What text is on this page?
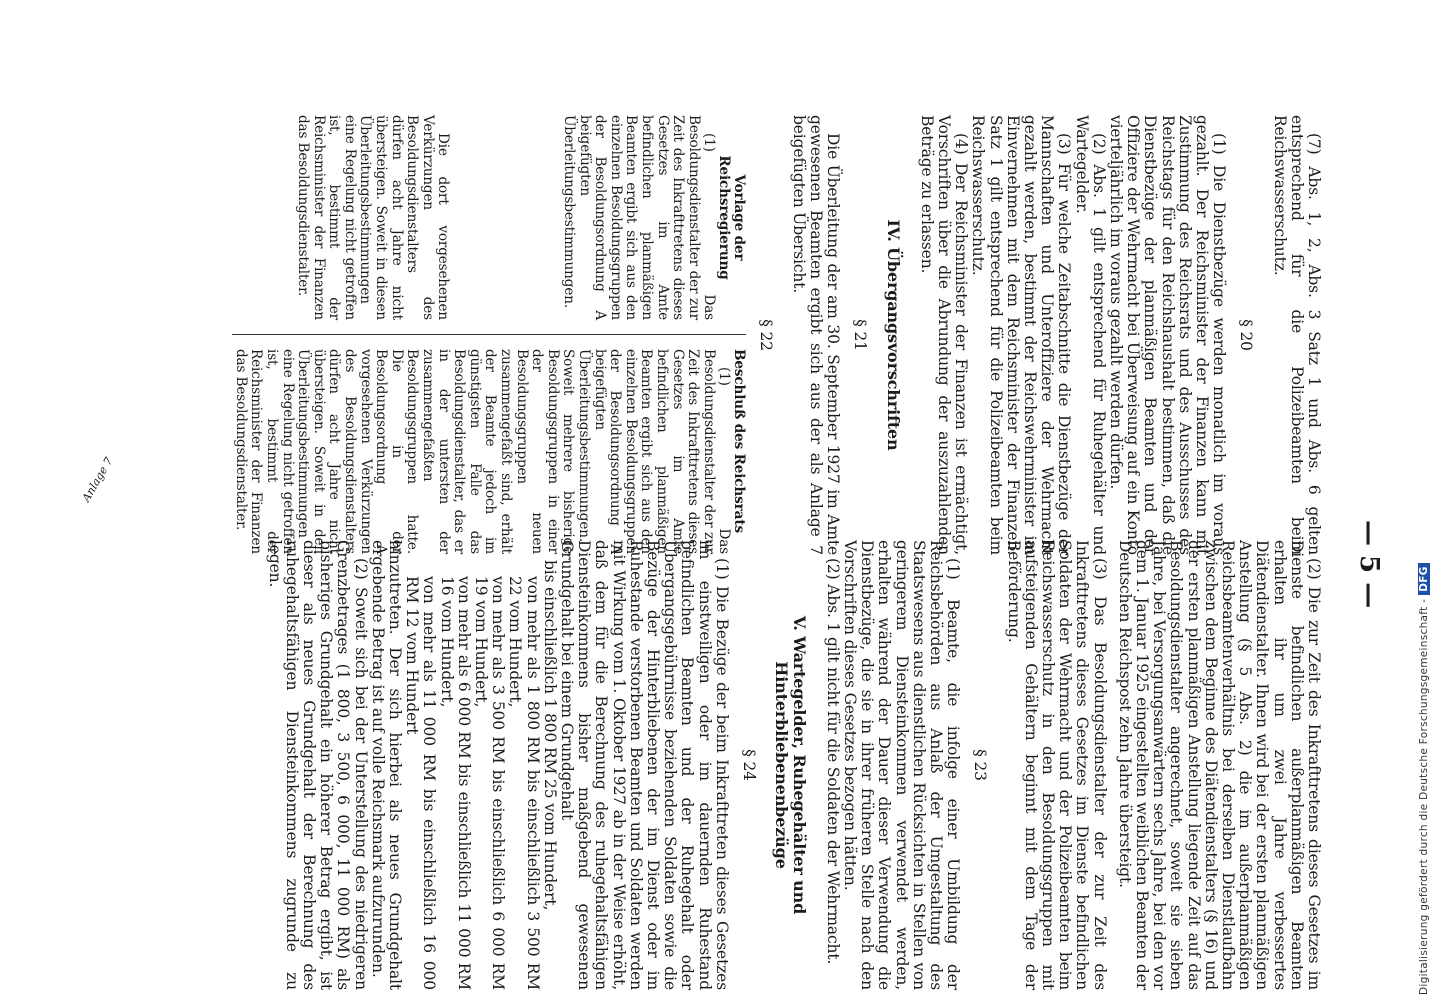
— 5 —

(7) Abs. 1, 2, Abs. 3 Satz 1 und Abs. 6 gelten entsprechend für die Polizeibeamten beim Reichswasserschutz.

§ 20

(1) Die Dienstbezüge werden monatlich im voraus gezahlt. Der Reichsminister der Finanzen kann mit Zustimmung des Reichsrats und des Ausschusses des Reichstags für den Reichshaushalt bestimmen, daß die Dienstbezüge der planmäßigen Beamten und der Offiziere der Wehrmacht bei Überweisung auf ein Konto vierteljährlich im voraus gezahlt werden dürfen.

(2) Abs. 1 gilt entsprechend für Ruhegehälter und Wartegelder.

(3) Für welche Zeitabschnitte die Dienstbezüge der Mannschaften und Unteroffiziere der Wehrmacht gezahlt werden, bestimmt der Reichswehrminister im Einvernehmen mit dem Reichsminister der Finanzen. Satz 1 gilt entsprechend für die Polizeibeamten beim Reichswasserschutz.

(4) Der Reichsminister der Finanzen ist ermächtigt, Vorschriften über die Abrundung der auszuzahlenden Beträge zu erlassen.

IV. Übergangsvorschriften

§ 21

Die Überleitung der am 30. September 1927 im Amte gewesenen Beamten ergibt sich aus der als Anlage 7 beigefügten Übersicht.

§ 22

Vorlage der Reichsregierung

(1) Das Besoldungsdienstalter der zur Zeit des Inkrafttretens dieses Gesetzes im Amte befindlichen planmäßigen Beamten ergibt sich aus den einzelnen Besoldungsgruppen der Besoldungsordnung A beigefügten Überleitungsbestimmungen.

Die dort vorgesehenen Verkürzungen des Besoldungsdienstalters dürfen acht Jahre nicht übersteigen. Soweit in diesen Überleitungsbestimmungen eine Regelung nicht getroffen ist, bestimmt der Reichsminister der Finanzen das Besoldungsdienstalter.

Beschluß des Reichsrats

(1) Das Besoldungsdienstalter der zur Zeit des Inkrafttretens dieses Gesetzes im Amte befindlichen planmäßigen Beamten ergibt sich aus den einzelnen Besoldungsgruppen der Besoldungsordnung A beigefügten Überleitungsbestimmungen. Soweit mehrere bisherige Besoldungsgruppen in einer der neuen Besoldungsgruppen zusammengefaßt sind, erhält der Beamte jedoch im günstigsten Falle das Besoldungsdienstalter, das er in der untersten der zusammengefaßten Besoldungsgruppen hatte. Die in der Besoldungsordnung A vorgesehenen Verkürzungen des Besoldungsdienstalters dürfen acht Jahre nicht übersteigen. Soweit in den Überleitungsbestimmungen eine Regelung nicht getroffen ist, bestimmt der Reichsminister der Finanzen das Besoldungsdienstalter.

(2) Die zur Zeit des Inkrafttretens dieses Gesetzes im Dienste befindlichen außerplanmäßigen Beamten erhalten ihr um zwei Jahre verbessertes Diätendienstalter. Ihnen wird bei der ersten planmäßigen Anstellung (§ 5 Abs. 2) die im außerplanmäßigen Reichsbeamtenverhältnis bei derselben Dienstlaufbahn zwischen dem Beginne des Diätendienstalters (§ 16) und der ersten planmäßigen Anstellung liegende Zeit auf das Besoldungsdienstalter angerechnet, soweit sie sieben Jahre, bei Versorgungsanwärtern sechs Jahre, bei den vor dem 1. Januar 1925 eingestellten weiblichen Beamten der Deutschen Reichspost zehn Jahre übersteigt.

(3) Das Besoldungsdienstalter der zur Zeit des Inkrafttretens dieses Gesetzes im Dienste befindlichen Soldaten der Wehrmacht und der Polizeibeamten beim Reichswasserschutz in den Besoldungsgruppen mit aufsteigenden Gehältern beginnt mit dem Tage der Beförderung.

§ 23

(1) Beamte, die infolge einer Umbildung der Reichsbehörden aus Anlaß der Umgestaltung des Staatswesens aus dienstlichen Rücksichten in Stellen von geringerem Diensteinkommen verwendet werden, erhalten während der Dauer dieser Verwendung die Dienstbezüge, die sie in ihrer früheren Stelle nach den Vorschriften dieses Gesetzes bezogen hätten.

(2) Abs. 1 gilt nicht für die Soldaten der Wehrmacht.

V. Wartegelder, Ruhegehälter und Hinterbliebenenbezüge

§ 24

(1) Die Bezüge der beim Inkrafttreten dieses Gesetzes im einstweiligen oder im dauernden Ruhestand befindlichen Beamten und der Ruhegehalt oder Übergangsgebührnisse beziehenden Soldaten sowie die Bezüge der Hinterbliebenen der im Dienst oder im Ruhestande verstorbenen Beamten und Soldaten werden mit Wirkung vom 1. Oktober 1927 ab in der Weise erhöht, daß dem für die Berechnung des ruhegehaltsfähigen Diensteinkommens bisher maßgebend gewesenen Grundgehalt bei einem Grundgehalt

bis einschließlich 1 800 RM 25 vom Hundert,

von mehr als 1 800 RM bis einschließlich 3 500 RM 22 vom Hundert,

von mehr als 3 500 RM bis einschließlich 6 000 RM 19 vom Hundert,

von mehr als 6 000 RM bis einschließlich 11 000 RM 16 vom Hundert,

von mehr als 11 000 RM bis einschließlich 16 000 RM 12 vom Hundert

hinzutreten. Der sich hierbei als neues Grundgehalt ergebende Betrag ist auf volle Reichsmark aufzurunden.

(2) Soweit sich bei der Unterstellung des niedrigeren Grenzbetrages (1 800, 3 500, 6 000, 11 000 RM) als bisheriges Grundgehalt ein höherer Betrag ergibt, ist dieser als neues Grundgehalt der Berechnung des ruhegehaltsfähigen Diensteinkommens zugrunde zu legen.

Anlage 7
Digitalisierung gefördert durch die Deutsche Forschungsgemeinschaft -DFG
